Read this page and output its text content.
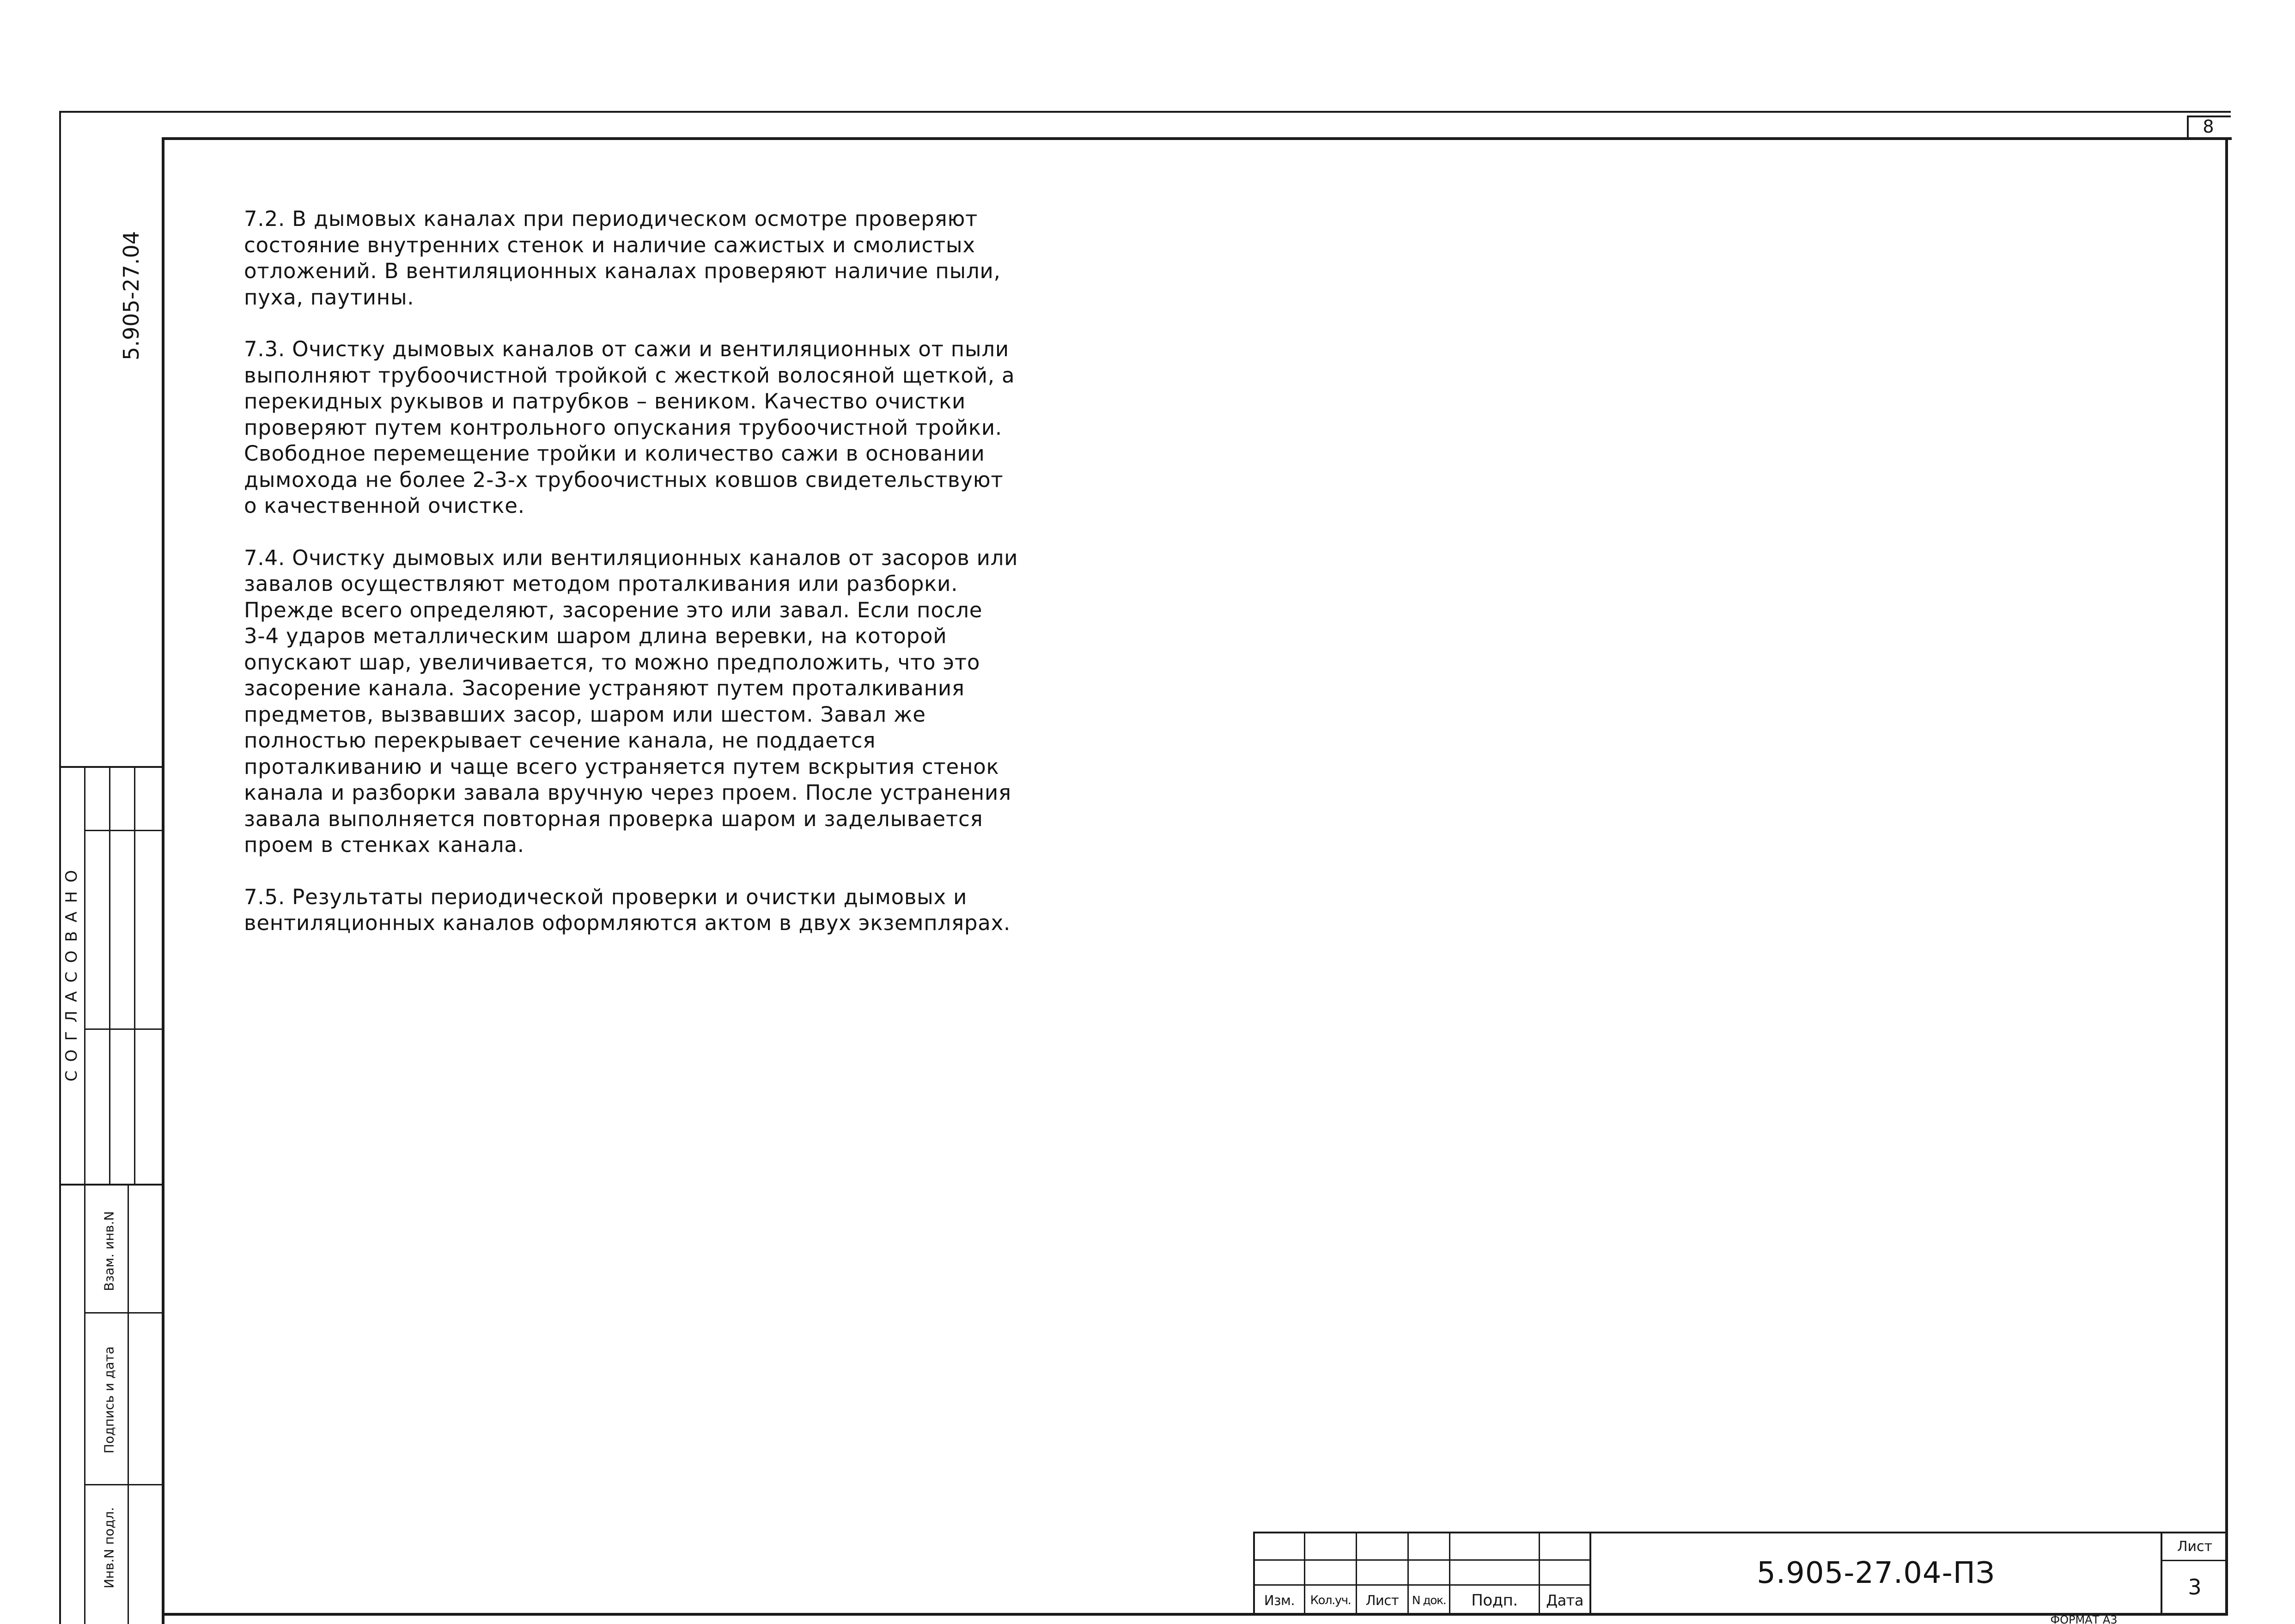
8
5.905-27.04
С О Г Л А С О В А Н О
Взам. инв.N
Подпись и дата
Инв.N подл.

7.2. В дымовых каналах при периодическом осмотре проверяют
состояние внутренних стенок и наличие сажистых и смолистых
отложений. В вентиляционных каналах проверяют наличие пыли,
пуха, паутины.

7.3. Очистку дымовых каналов от сажи и вентиляционных от пыли
выполняют трубоочистной тройкой с жесткой волосяной щеткой, а
перекидных рукывов и патрубков – веником. Качество очистки
проверяют путем контрольного опускания трубоочистной тройки.
Свободное перемещение тройки и количество сажи в основании
дымохода не более 2-3-х трубоочистных ковшов свидетельствуют
о качественной очистке.

7.4. Очистку дымовых или вентиляционных каналов от засоров или
завалов осуществляют методом проталкивания или разборки.
Прежде всего определяют, засорение это или завал. Если после
3-4 ударов металлическим шаром длина веревки, на которой
опускают шар, увеличивается, то можно предположить, что это
засорение канала. Засорение устраняют путем проталкивания
предметов, вызвавших засор, шаром или шестом. Завал же
полностью перекрывает сечение канала, не поддается
проталкиванию и чаще всего устраняется путем вскрытия стенок
канала и разборки завала вручную через проем. После устранения
завала выполняется повторная проверка шаром и заделывается
проем в стенках канала.

7.5. Результаты периодической проверки и очистки дымовых и
вентиляционных каналов оформляются актом в двух экземплярах.

Изм.	Кол.уч.	Лист	N док.	Подп.	Дата
5.905-27.04-ПЗ
Лист
3
ФОРМАТ А3
